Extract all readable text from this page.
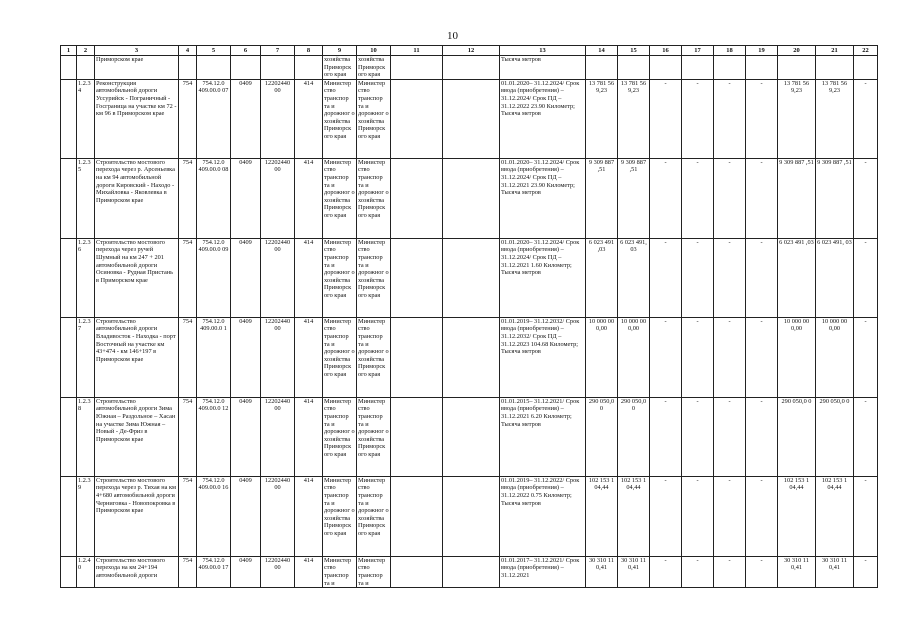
10
1	2	3	4	5	6	7	8	9	10	11	12	13	14	15	16	17	18	19	20	21	22
		Приморском крае						хозяйства Приморск ого края	хозяйства Приморск ого края			Тысяча метров									
	1.2.34	Реконструкция автомобильной дороги Уссурийск - Пограничный - Госграница на участке км 72 - км 96 в Приморском крае	754	754.12.0 409.00.0 07	0409	12202440 00	414	Министер ство транспор та и дорожног о хозяйства Приморск ого края	Министер ство транспор та и дорожног о хозяйства Приморск ого края			01.01.2020– 31.12.2024/ Срок ввода (приобретения) – 31.12.2024/ Срок ПД – 31.12.2022 23.90 Километр; Тысяча метров	13 781 56 9,23	13 781 56 9,23	-	-	-	-	13 781 56 9,23	13 781 56 9,23	-
	1.2.35	Строительство мостового перехода через р. Арсеньевка на км 94 автомобильной дороги Кировский - Находо - Михайловка - Яковлевка в Приморском крае	754	754.12.0 409.00.0 08	0409	12202440 00	414	Министер ство транспор та и дорожног о хозяйства Приморск ого края	Министер ство транспор та и дорожног о хозяйства Приморск ого края			01.01.2020– 31.12.2024/ Срок ввода (приобретения) – 31.12.2024/ Срок ПД – 31.12.2021 23.90 Километр; Тысяча метров	9 309 887 ,51	9 309 887 ,51	-	-	-	-	9 309 887 ,51	9 309 887 ,51	-
	1.2.36	Строительство мостового перехода через ручей Шумный на км 247 + 201 автомобильной дороги Осиновка - Рудная Пристань в Приморском крае	754	754.12.0 409.00.0 09	0409	12202440 00	414	Министер ство транспор та и дорожног о хозяйства Приморск ого края	Министер ство транспор та и дорожног о хозяйства Приморск ого края			01.01.2020– 31.12.2024/ Срок ввода (приобретения) – 31.12.2024/ Срок ПД – 31.12.2021 1.60 Километр; Тысяча метров	6 023 491 ,03	6 023 491, 03	-	-	-	-	6 023 491 ,03	6 023 491, 03	-
	1.2.37	Строительство автомобильной дороги Владивосток - Находка - порт Восточный на участке км 43+474 - км 146+197 в Приморском крае	754	754.12.0 409.00.0 1	0409	12202440 00	414	Министер ство транспор та и дорожног о хозяйства Приморск ого края	Министер ство транспор та и дорожног о хозяйства Приморск ого края			01.01.2019– 31.12.2032/ Срок ввода (приобретения) – 31.12.2032/ Срок ПД – 31.12.2023 104.68 Километр; Тысяча метров	10 000 00 0,00	10 000 00 0,00	-	-	-	-	10 000 00 0,00	10 000 00 0,00	-
	1.2.38	Строительство автомобильной дороги Зима Южная – Раздольное – Хасан на участке Зима Южная – Новый - Де-Фриз в Приморском крае	754	754.12.0 409.00.0 12	0409	12202440 00	414	Министер ство транспор та и дорожног о хозяйства Приморск ого края	Министер ство транспор та и дорожног о хозяйства Приморск ого края			01.01.2015– 31.12.2021/ Срок ввода (приобретения) – 31.12.2021 6.20 Километр; Тысяча метров	290 050,0 0	290 050,0 0	-	-	-	-	290 050,0 0	290 050,0 0	-
	1.2.39	Строительство мостового перехода через р. Тихая на км 4+680 автомобильной дороги Черниговка - Новопокровка в Приморском крае	754	754.12.0 409.00.0 16	0409	12202440 00	414	Министер ство транспор та и дорожног о хозяйства Приморск ого края	Министер ство транспор та и дорожног о хозяйства Приморск ого края			01.01.2019– 31.12.2022/ Срок ввода (приобретения) – 31.12.2022 0.75 Километр; Тысяча метров	102 153 1 04,44	102 153 1 04,44	-	-	-	-	102 153 1 04,44	102 153 1 04,44	-
	1.2.40	Строительство мостового перехода на км 24+194 автомобильной дороги	754	754.12.0 409.00.0 17	0409	12202440 00	414	Министер ство транспор та и	Министер ство транспор та и			01.01.2017– 31.12.2021/ Срок ввода (приобретения) – 31.12.2021	30 310 11 0,41	30 310 11 0,41	-	-	-	-	30 310 11 0,41	30 310 11 0,41	-
